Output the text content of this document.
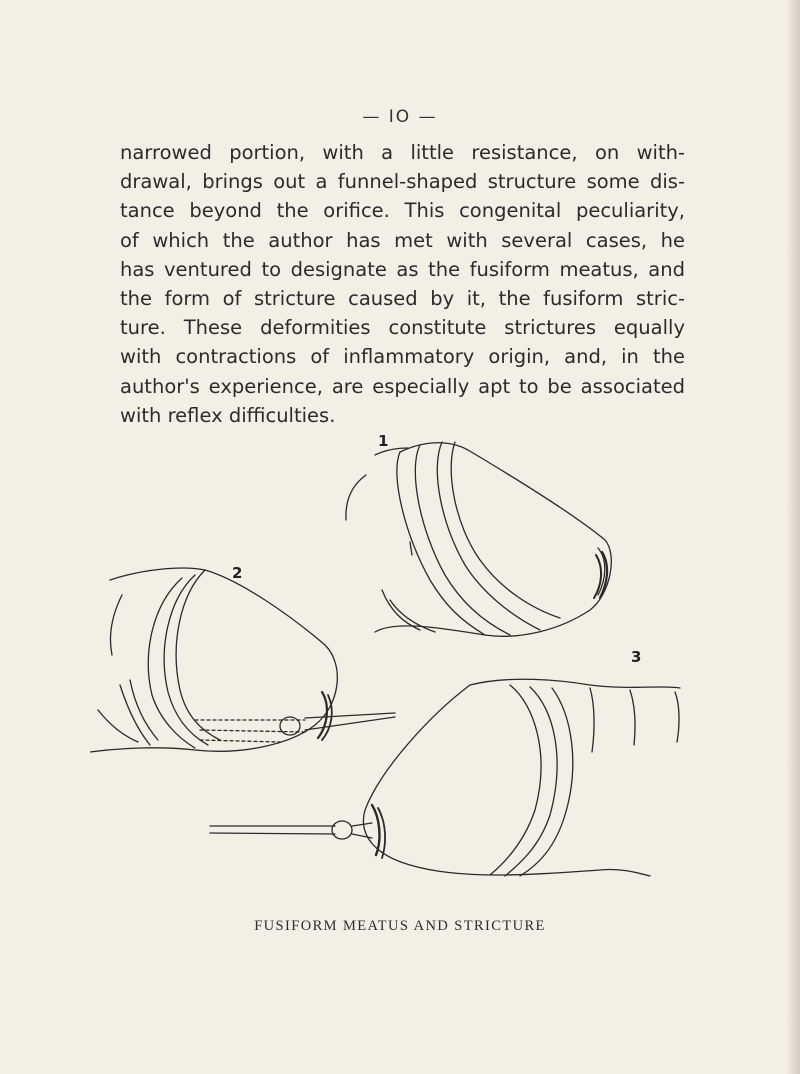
— IO —
narrowed portion, with a little resistance, on with-
drawal, brings out a funnel-shaped structure some dis-
tance beyond the orifice. This congenital peculiarity,
of which the author has met with several cases, he
has ventured to designate as the fusiform meatus, and
the form of stricture caused by it, the fusiform stric-
ture. These deformities constitute strictures equally
with contractions of inflammatory origin, and, in the
author's experience, are especially apt to be associated
with reflex difficulties.
1
2
3
FUSIFORM MEATUS AND STRICTURE
